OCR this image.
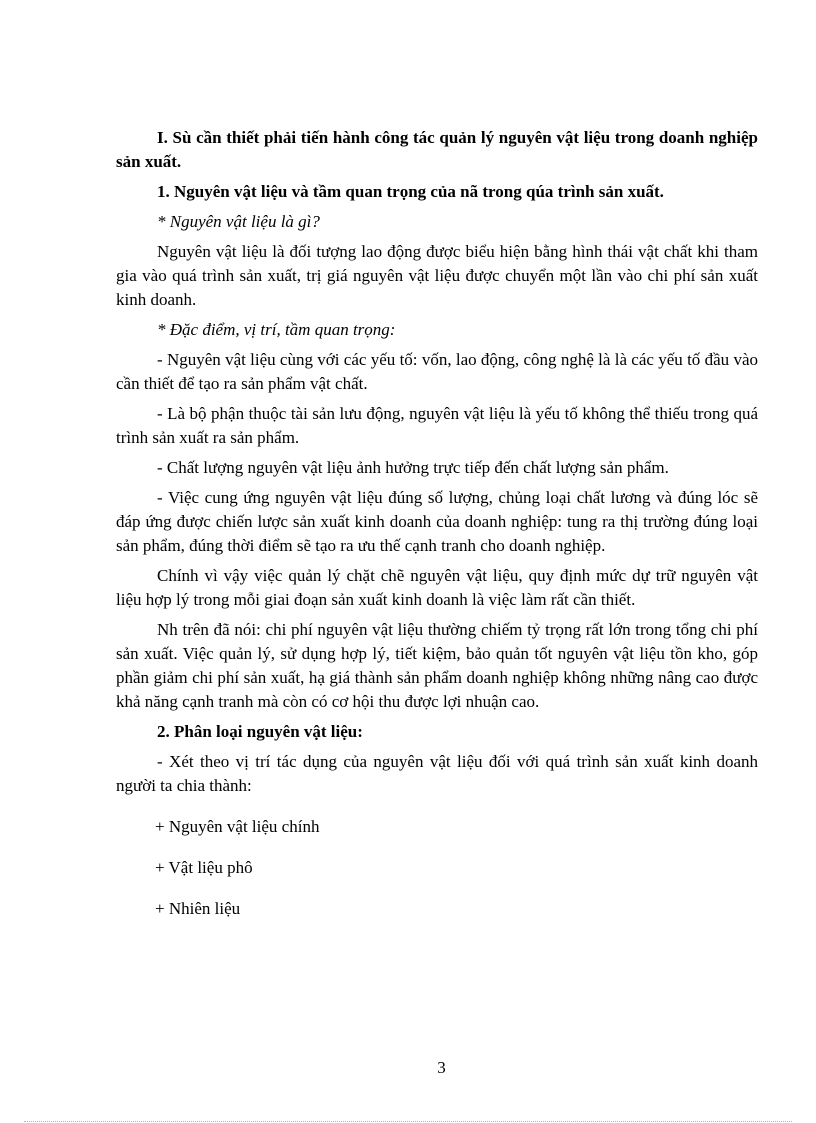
I. Sù cần thiết phải tiến hành công tác quản lý nguyên vật liệu trong doanh nghiệp sản xuất.

1. Nguyên vật liệu và tầm quan trọng của nã trong qúa trình sản xuất.

* Nguyên vật liệu là gì?

Nguyên vật liệu là đối tượng lao động được biểu hiện bằng hình thái vật chất khi tham gia vào quá trình sản xuất, trị giá nguyên vật liệu được chuyển một lần vào chi phí sản xuất kinh doanh.

* Đặc điểm, vị trí, tầm quan trọng:

- Nguyên vật liệu cùng với các yếu tố: vốn, lao động, công nghệ là là các yếu tố đầu vào cần thiết để tạo ra sản phẩm vật chất.

- Là bộ phận thuộc tài sản lưu động, nguyên vật liệu là yếu tố không thể thiếu trong quá trình sản xuất ra sản phẩm.

- Chất lượng nguyên vật liệu ảnh hưởng trực tiếp đến chất lượng sản phẩm.

- Việc cung ứng nguyên vật liệu đúng số lượng, chủng loại chất lương và đúng lóc sẽ đáp ứng được chiến lược sản xuất kinh doanh của doanh nghiệp: tung ra thị trường đúng loại sản phẩm, đúng thời điểm sẽ tạo ra ưu thế cạnh tranh cho doanh nghiệp.

Chính vì vậy việc quản lý chặt chẽ nguyên vật liệu, quy định mức dự trữ nguyên vật liệu hợp lý trong mỗi giai đoạn sản xuất kinh doanh là việc làm rất cần thiết.

Nh trên đã nói: chi phí nguyên vật liệu thường chiếm tỷ trọng rất lớn trong tổng chi phí sản xuất. Việc quản lý, sử dụng hợp lý, tiết kiệm, bảo quản tốt nguyên vật liệu tồn kho, góp phần giảm chi phí sản xuất, hạ giá thành sản phẩm doanh nghiệp không những nâng cao được khả năng cạnh tranh mà còn có cơ hội thu được lợi nhuận cao.

2. Phân loại nguyên vật liệu:

- Xét theo vị trí tác dụng của nguyên vật liệu đối với quá trình sản xuất kinh doanh người ta chia thành:

+ Nguyên vật liệu chính

+ Vật liệu phô

+ Nhiên liệu

3
